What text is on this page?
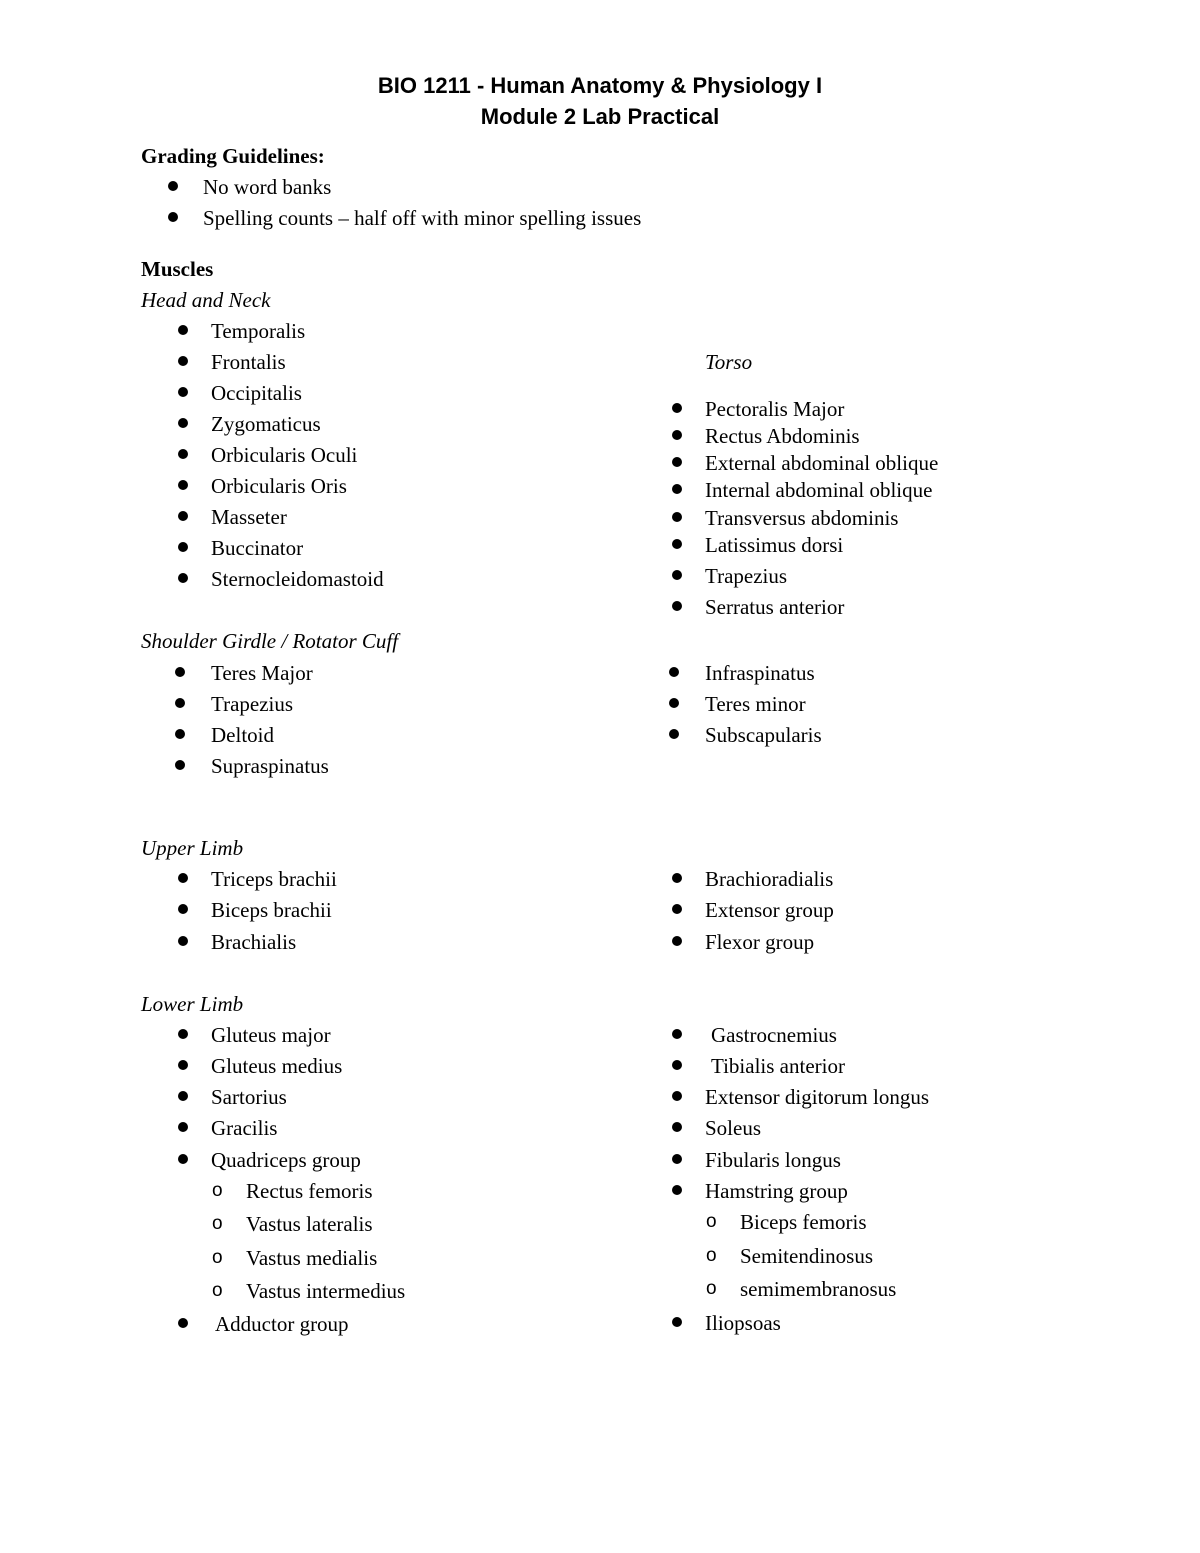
BIO 1211 - Human Anatomy & Physiology I
Module 2 Lab Practical
Grading Guidelines:
No word banks
Spelling counts – half off with minor spelling issues
Muscles
Head and Neck
Temporalis
Frontalis
Occipitalis
Zygomaticus
Orbicularis Oculi
Orbicularis Oris
Masseter
Buccinator
Sternocleidomastoid
Torso
Pectoralis Major
Rectus Abdominis
External abdominal oblique
Internal abdominal oblique
Transversus abdominis
Latissimus dorsi
Trapezius
Serratus anterior
Shoulder Girdle / Rotator Cuff
Teres Major
Trapezius
Deltoid
Supraspinatus
Infraspinatus
Teres minor
Subscapularis
Upper Limb
Triceps brachii
Biceps brachii
Brachialis
Brachioradialis
Extensor group
Flexor group
Lower Limb
Gluteus major
Gluteus medius
Sartorius
Gracilis
Quadriceps group
o Rectus femoris
o Vastus lateralis
o Vastus medialis
o Vastus intermedius
Adductor group
Gastrocnemius
Tibialis anterior
Extensor digitorum longus
Soleus
Fibularis longus
Hamstring group
o Biceps femoris
o Semitendinosus
o semimembranosus
Iliopsoas
